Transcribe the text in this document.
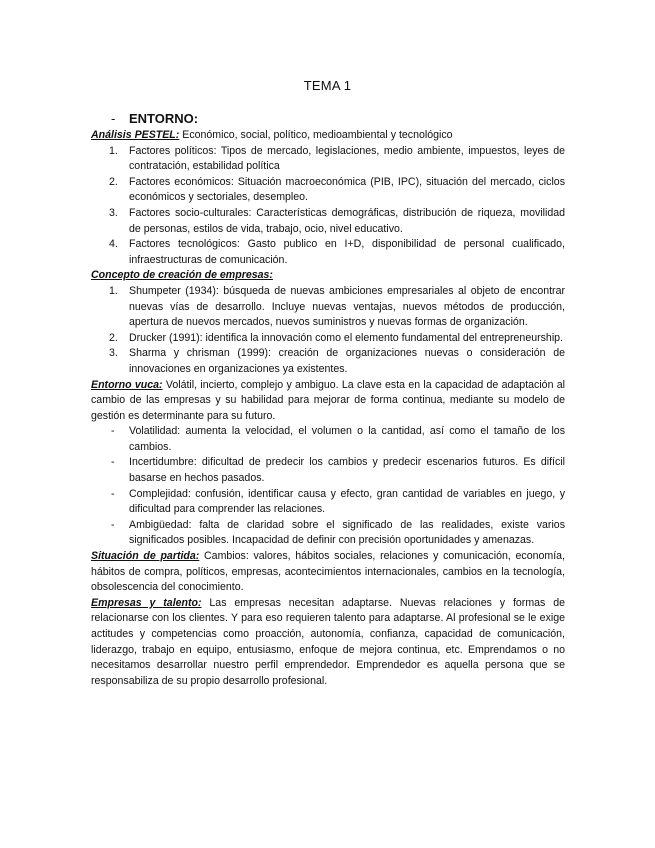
TEMA 1
- ENTORNO:

Análisis PESTEL: Económico, social, político, medioambiental y tecnológico

1. Factores políticos: Tipos de mercado, legislaciones, medio ambiente, impuestos, leyes de contratación, estabilidad política
2. Factores económicos: Situación macroeconómica (PIB, IPC), situación del mercado, ciclos económicos y sectoriales, desempleo.
3. Factores socio-culturales: Características demográficas, distribución de riqueza, movilidad de personas, estilos de vida, trabajo, ocio, nivel educativo.
4. Factores tecnológicos: Gasto publico en I+D, disponibilidad de personal cualificado, infraestructuras de comunicación.

Concepto de creación de empresas:

1. Shumpeter (1934): búsqueda de nuevas ambiciones empresariales al objeto de encontrar nuevas vías de desarrollo. Incluye nuevas ventajas, nuevos métodos de producción, apertura de nuevos mercados, nuevos suministros y nuevas formas de organización.
2. Drucker (1991): identifica la innovación como el elemento fundamental del entrepreneurship.
3. Sharma y chrisman (1999): creación de organizaciones nuevas o consideración de innovaciones en organizaciones ya existentes.

Entorno vuca: Volátil, incierto, complejo y ambiguo. La clave esta en la capacidad de adaptación al cambio de las empresas y su habilidad para mejorar de forma continua, mediante su modelo de gestión es determinante para su futuro.

- Volatilidad: aumenta la velocidad, el volumen o la cantidad, así como el tamaño de los cambios.
- Incertidumbre: dificultad de predecir los cambios y predecir escenarios futuros. Es difícil basarse en hechos pasados.
- Complejidad: confusión, identificar causa y efecto, gran cantidad de variables en juego, y dificultad para comprender las relaciones.
- Ambigüedad: falta de claridad sobre el significado de las realidades, existe varios significados posibles. Incapacidad de definir con precisión oportunidades y amenazas.

Situación de partida: Cambios: valores, hábitos sociales, relaciones y comunicación, economía, hábitos de compra, políticos, empresas, acontecimientos internacionales, cambios en la tecnología, obsolescencia del conocimiento.

Empresas y talento: Las empresas necesitan adaptarse. Nuevas relaciones y formas de relacionarse con los clientes. Y para eso requieren talento para adaptarse. Al profesional se le exige actitudes y competencias como proacción, autonomía, confianza, capacidad de comunicación, liderazgo, trabajo en equipo, entusiasmo, enfoque de mejora continua, etc. Emprendamos o no necesitamos desarrollar nuestro perfil emprendedor. Emprendedor es aquella persona que se responsabiliza de su propio desarrollo profesional.
